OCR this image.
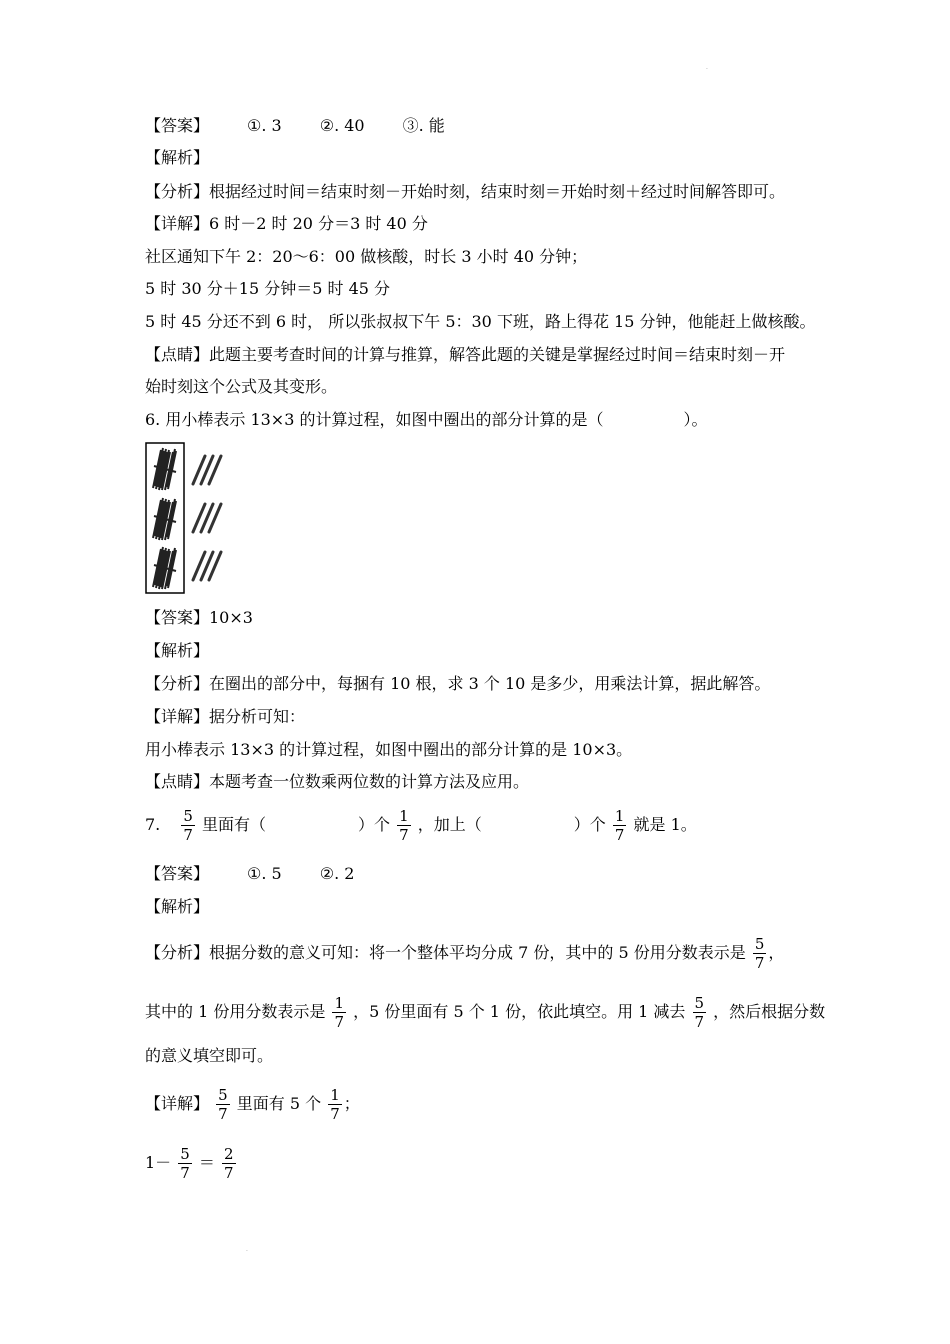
【答案】 ①. 3 ②. 40 ③. 能
【解析】
【分析】根据经过时间＝结束时刻－开始时刻，结束时刻＝开始时刻＋经过时间解答即可。
【详解】6 时－2 时 20 分＝3 时 40 分
社区通知下午 2：20～6：00 做核酸，时长 3 小时 40 分钟；
5 时 30 分＋15 分钟＝5 时 45 分
5 时 45 分还不到 6 时， 所以张叔叔下午 5：30 下班，路上得花 15 分钟，他能赶上做核酸。
【点睛】此题主要考查时间的计算与推算，解答此题的关键是掌握经过时间＝结束时刻－开
始时刻这个公式及其变形。
6. 用小棒表示 13×3 的计算过程，如图中圈出的部分计算的是（　　　　　）。
【答案】10×3
【解析】
【分析】在圈出的部分中，每捆有 10 根，求 3 个 10 是多少，用乘法计算，据此解答。
【详解】据分析可知：
用小棒表示 13×3 的计算过程，如图中圈出的部分计算的是 10×3。
【点睛】本题考查一位数乘两位数的计算方法及应用。
7. $\frac{5}{7}$ 里面有（	）个 $\frac{1}{7}$ ，加上（	）个 $\frac{1}{7}$ 就是 1。
【答案】 ①. 5 ②. 2
【解析】
【分析】根据分数的意义可知：将一个整体平均分成 7 份，其中的 5 份用分数表示是 $\frac{5}{7}$ ，
其中的 1 份用分数表示是 $\frac{1}{7}$ ，5 份里面有 5 个 1 份，依此填空。用 1 减去 $\frac{5}{7}$ ，然后根据分数
的意义填空即可。
【详解】 $\frac{5}{7}$ 里面有 5 个 $\frac{1}{7}$ ；
$1- \frac{5}{7} = \frac{2}{7}$
·
·
